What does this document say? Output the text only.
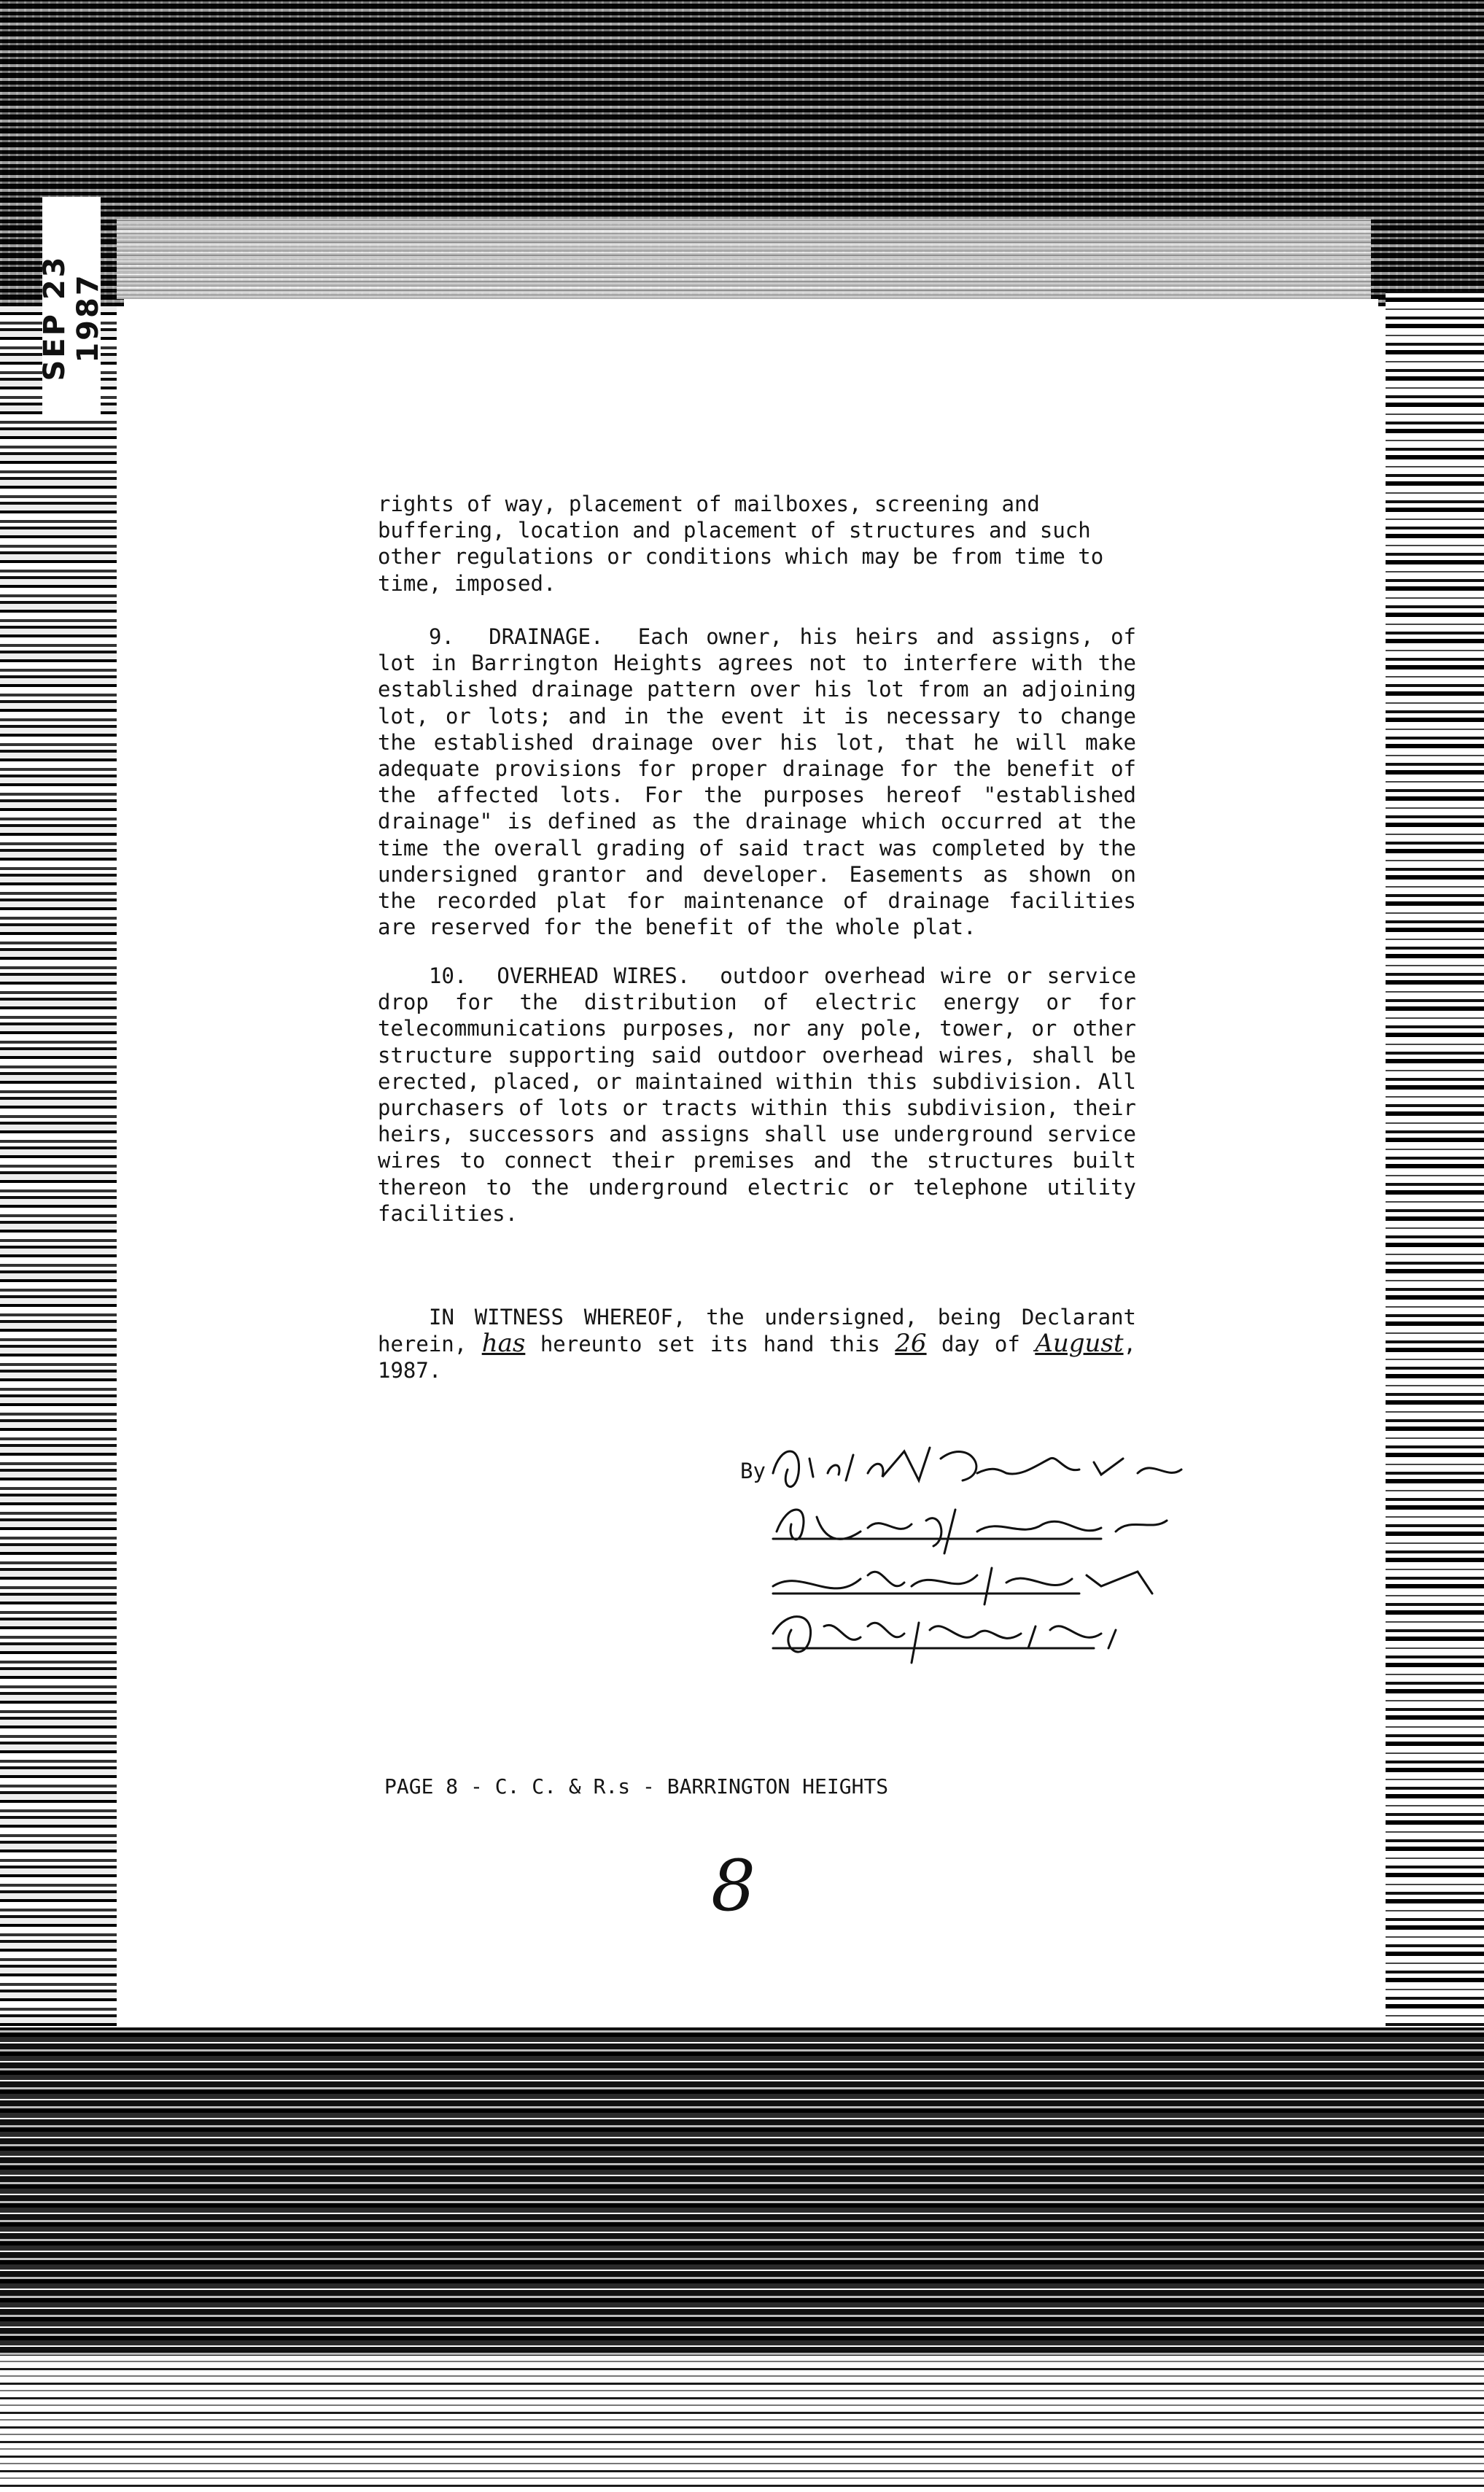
SEP 23 1987

rights of way, placement of mailboxes, screening and buffering, location and placement of structures and such other regulations or conditions which may be from time to time, imposed.

9. DRAINAGE. Each owner, his heirs and assigns, of lot in Barrington Heights agrees not to interfere with the established drainage pattern over his lot from an adjoining lot, or lots; and in the event it is necessary to change the established drainage over his lot, that he will make adequate provisions for proper drainage for the benefit of the affected lots. For the purposes hereof "established drainage" is defined as the drainage which occurred at the time the overall grading of said tract was completed by the undersigned grantor and developer. Easements as shown on the recorded plat for maintenance of drainage facilities are reserved for the benefit of the whole plat.

10. OVERHEAD WIRES. outdoor overhead wire or service drop for the distribution of electric energy or for telecommunications purposes, nor any pole, tower, or other structure supporting said outdoor overhead wires, shall be erected, placed, or maintained within this subdivision. All purchasers of lots or tracts within this subdivision, their heirs, successors and assigns shall use underground service wires to connect their premises and the structures built thereon to the underground electric or telephone utility facilities.

IN WITNESS WHEREOF, the undersigned, being Declarant herein, has hereunto set its hand this 26 day of August, 1987.

By
PAGE 8 - C. C. & R.s - BARRINGTON HEIGHTS
8
